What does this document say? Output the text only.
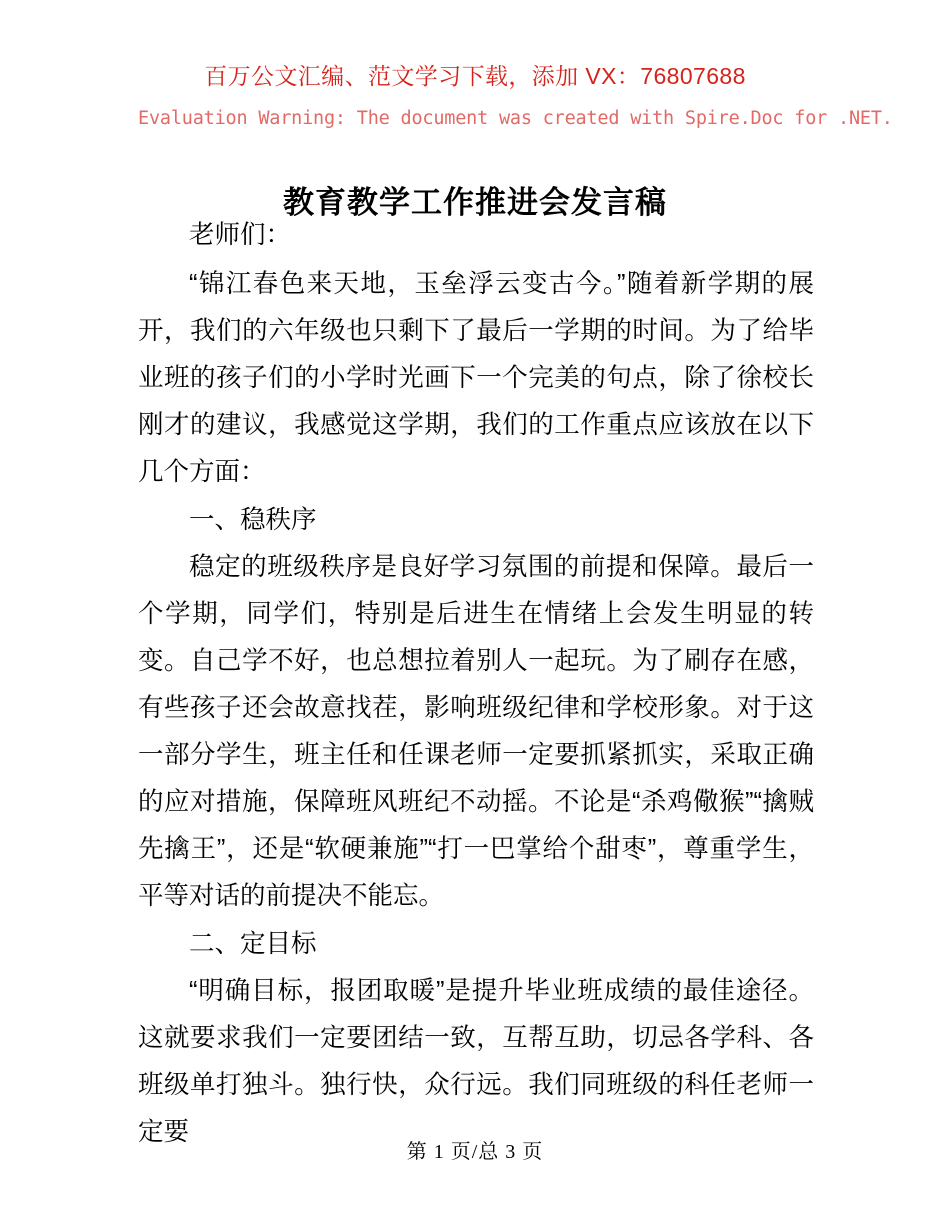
百万公文汇编、范文学习下载，添加 VX：76807688
Evaluation Warning: The document was created with Spire.Doc for .NET.
教育教学工作推进会发言稿

老师们：

“锦江春色来天地，玉垒浮云变古今。”随着新学期的展开，我们的六年级也只剩下了最后一学期的时间。为了给毕业班的孩子们的小学时光画下一个完美的句点，除了徐校长刚才的建议，我感觉这学期，我们的工作重点应该放在以下几个方面：

一、稳秩序

稳定的班级秩序是良好学习氛围的前提和保障。最后一个学期，同学们，特别是后进生在情绪上会发生明显的转变。自己学不好，也总想拉着别人一起玩。为了刷存在感，有些孩子还会故意找茬，影响班级纪律和学校形象。对于这一部分学生，班主任和任课老师一定要抓紧抓实，采取正确的应对措施，保障班风班纪不动摇。不论是“杀鸡儆猴”“擒贼先擒王”，还是“软硬兼施”“打一巴掌给个甜枣”，尊重学生，平等对话的前提决不能忘。

二、定目标

“明确目标，报团取暖”是提升毕业班成绩的最佳途径。这就要求我们一定要团结一致，互帮互助，切忌各学科、各班级单打独斗。独行快，众行远。我们同班级的科任老师一定要

第 1 页/总 3 页
